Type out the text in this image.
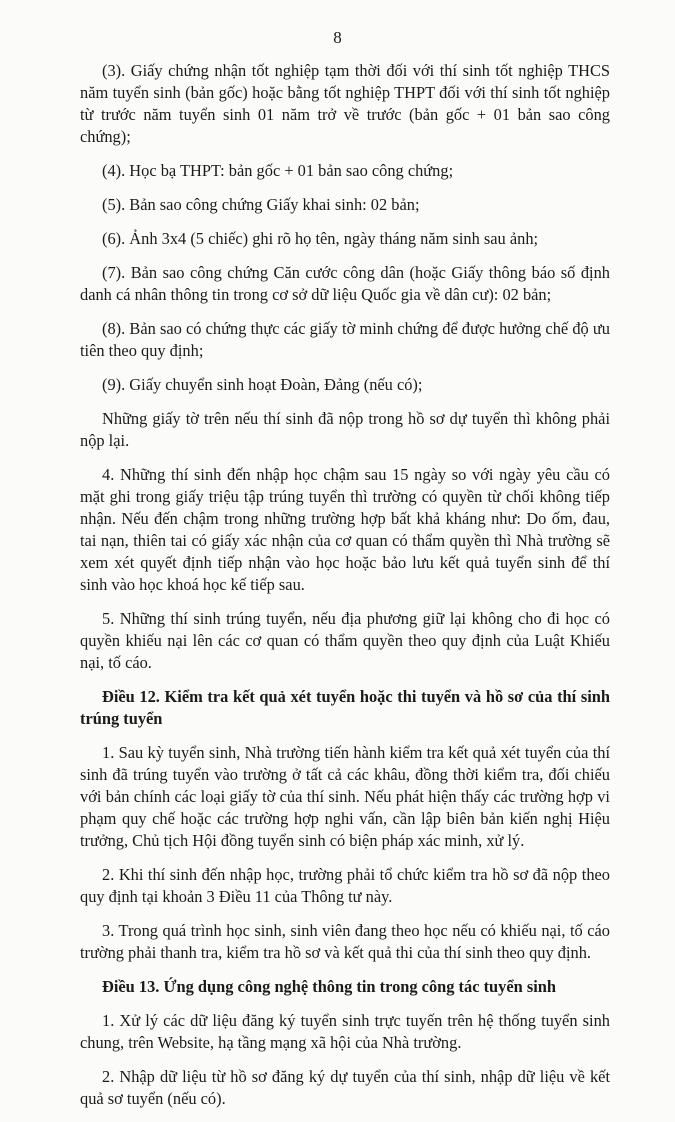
8

(3). Giấy chứng nhận tốt nghiệp tạm thời đối với thí sinh tốt nghiệp THCS năm tuyển sinh (bản gốc) hoặc bằng tốt nghiệp THPT đối với thí sinh tốt nghiệp từ trước năm tuyển sinh 01 năm trở về trước (bản gốc + 01 bản sao công chứng);

(4). Học bạ THPT: bản gốc + 01 bản sao công chứng;

(5). Bản sao công chứng Giấy khai sinh: 02 bản;

(6). Ảnh 3x4 (5 chiếc) ghi rõ họ tên, ngày tháng năm sinh sau ảnh;

(7). Bản sao công chứng Căn cước công dân (hoặc Giấy thông báo số định danh cá nhân thông tin trong cơ sở dữ liệu Quốc gia về dân cư): 02 bản;

(8). Bản sao có chứng thực các giấy tờ minh chứng để được hưởng chế độ ưu tiên theo quy định;

(9). Giấy chuyển sinh hoạt Đoàn, Đảng (nếu có);

Những giấy tờ trên nếu thí sinh đã nộp trong hồ sơ dự tuyển thì không phải nộp lại.

4. Những thí sinh đến nhập học chậm sau 15 ngày so với ngày yêu cầu có mặt ghi trong giấy triệu tập trúng tuyển thì trường có quyền từ chối không tiếp nhận. Nếu đến chậm trong những trường hợp bất khả kháng như: Do ốm, đau, tai nạn, thiên tai có giấy xác nhận của cơ quan có thẩm quyền thì Nhà trường sẽ xem xét quyết định tiếp nhận vào học hoặc bảo lưu kết quả tuyển sinh để thí sinh vào học khoá học kế tiếp sau.

5. Những thí sinh trúng tuyển, nếu địa phương giữ lại không cho đi học có quyền khiếu nại lên các cơ quan có thẩm quyền theo quy định của Luật Khiếu nại, tố cáo.

Điều 12. Kiểm tra kết quả xét tuyển hoặc thi tuyển và hồ sơ của thí sinh trúng tuyển

1. Sau kỳ tuyển sinh, Nhà trường tiến hành kiểm tra kết quả xét tuyển của thí sinh đã trúng tuyển vào trường ở tất cả các khâu, đồng thời kiểm tra, đối chiếu với bản chính các loại giấy tờ của thí sinh. Nếu phát hiện thấy các trường hợp vi phạm quy chế hoặc các trường hợp nghi vấn, cần lập biên bản kiến nghị Hiệu trưởng, Chủ tịch Hội đồng tuyển sinh có biện pháp xác minh, xử lý.

2. Khi thí sinh đến nhập học, trường phải tổ chức kiểm tra hồ sơ đã nộp theo quy định tại khoản 3 Điều 11 của Thông tư này.

3. Trong quá trình học sinh, sinh viên đang theo học nếu có khiếu nại, tố cáo trường phải thanh tra, kiểm tra hồ sơ và kết quả thi của thí sinh theo quy định.

Điều 13. Ứng dụng công nghệ thông tin trong công tác tuyển sinh

1. Xử lý các dữ liệu đăng ký tuyển sinh trực tuyến trên hệ thống tuyển sinh chung, trên Website, hạ tầng mạng xã hội của Nhà trường.

2. Nhập dữ liệu từ hồ sơ đăng ký dự tuyển của thí sinh, nhập dữ liệu về kết quả sơ tuyển (nếu có).
